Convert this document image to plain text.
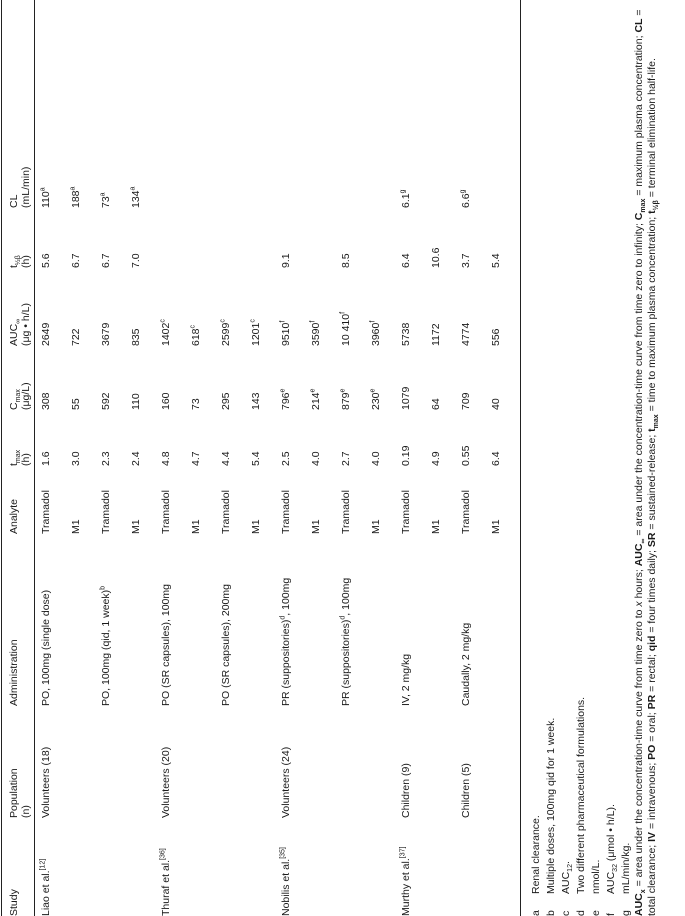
Study
Population
(n)
Administration
Analyte
$t_{max}$
(h)
$C_{max}$
(μg/L)
$AUC_\infty$
(μg • h/L)
$t_{\frac{1}{2}\beta}$
(h)
CL
(mL/min)
Liao et al.[12]
Volunteers (18)
PO, 100mg (single dose)
Tramadol
1.6
308
2649
5.6
110$^a$
M1
3.0
55
722
6.7
188$^a$
PO, 100mg (qid, 1 week)$^b$
Tramadol
2.3
592
3679
6.7
73$^a$
M1
2.4
110
835
7.0
134$^a$
Thuraf et al.[36]
Volunteers (20)
PO (SR capsules), 100mg
Tramadol
4.8
160
1402$^c$
M1
4.7
73
618$^c$
PO (SR capsules), 200mg
Tramadol
4.4
295
2599$^c$
M1
5.4
143
1201$^c$
Nobilis et al.[35]
Volunteers (24)
PR (suppositories)$^d$, 100mg
Tramadol
2.5
796e
9510$^f$
9.1
M1
4.0
214e
3590$^f$
PR (suppositories)$^d$, 100mg
Tramadol
2.7
879e
10 410$^f$
8.5
M1
4.0
230e
3960$^f$
Murthy et al.[37]
Children (9)
IV, 2 mg/kg
Tramadol
0.19
1079
5738
6.4
6.1$^g$
M1
4.9
64
1172
10.6
Children (5)
Caudally, 2 mg/kg
Tramadol
0.55
709
4774
3.7
6.6$^g$
M1
6.4
40
556
5.4
aRenal clearance.
bMultiple doses, 100mg qid for 1 week.
cAUC$_{12}$.
dTwo different pharmaceutical formulations.
enmol/L.
fAUC$_{32}$ (μmol • h/L).
gmL/min/kg.
$AUC_x$ = area under the concentration-time curve from time zero to x hours; $AUC_\infty$ = area under the concentration-time curve from time zero to infinity; $C_{max}$ = maximum plasma concentration; CL = total clearance; IV = intravenous; PO = oral; PR = rectal; qid = four times daily; SR = sustained-release; $t_{max}$ = time to maximum plasma concentration; $t_{\frac{1}{2}\beta}$ = terminal elimination half-life.
